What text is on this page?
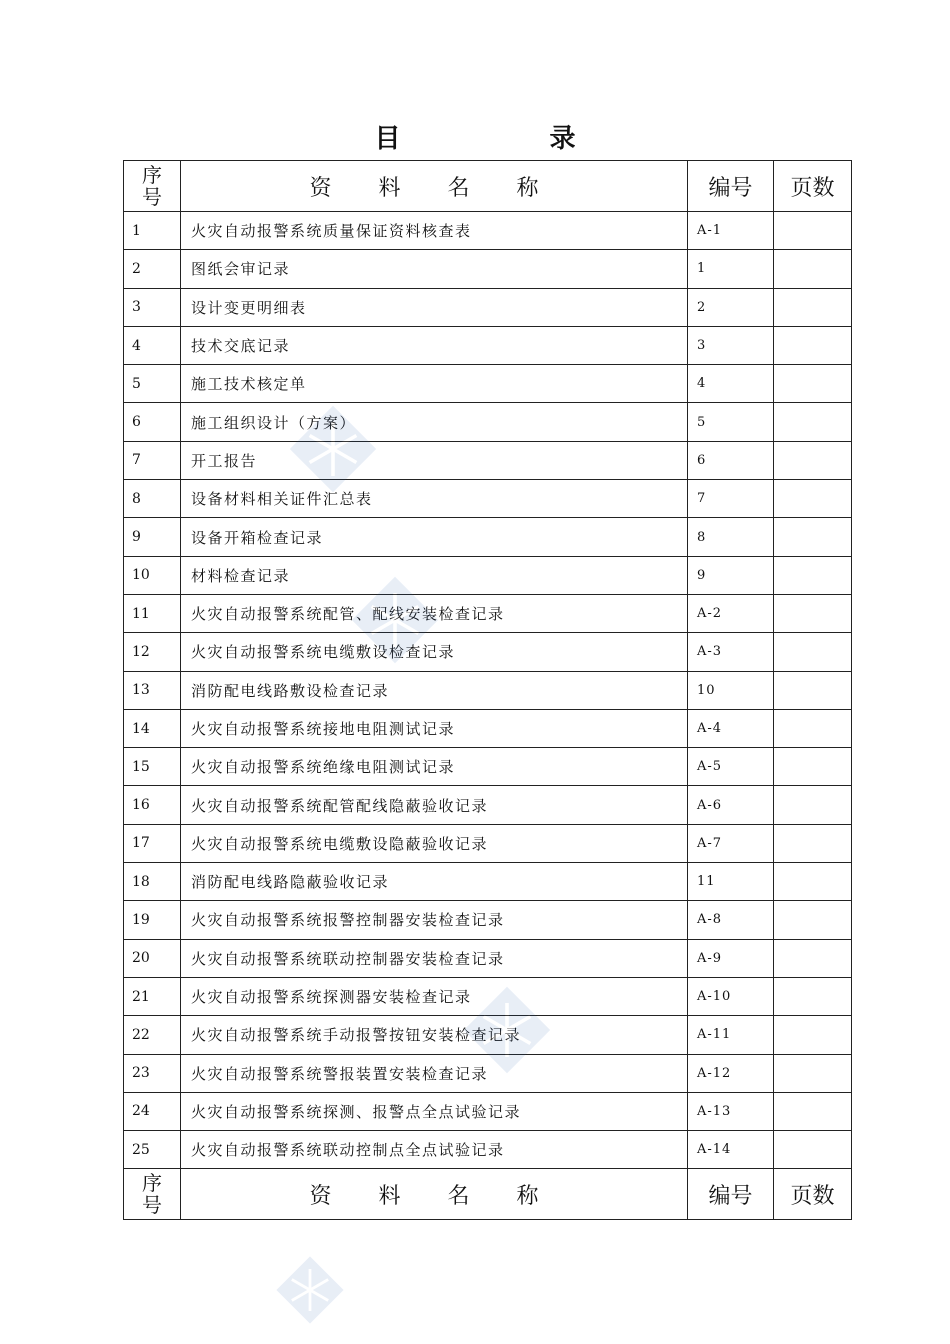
目 录
序
号	资 料 名 称	编号	页数
1	火灾自动报警系统质量保证资料核查表	A-1	
2	图纸会审记录	1	
3	设计变更明细表	2	
4	技术交底记录	3	
5	施工技术核定单	4	
6	施工组织设计（方案）	5	
7	开工报告	6	
8	设备材料相关证件汇总表	7	
9	设备开箱检查记录	8	
10	材料检查记录	9	
11	火灾自动报警系统配管、配线安装检查记录	A-2	
12	火灾自动报警系统电缆敷设检查记录	A-3	
13	消防配电线路敷设检查记录	10	
14	火灾自动报警系统接地电阻测试记录	A-4	
15	火灾自动报警系统绝缘电阻测试记录	A-5	
16	火灾自动报警系统配管配线隐蔽验收记录	A-6	
17	火灾自动报警系统电缆敷设隐蔽验收记录	A-7	
18	消防配电线路隐蔽验收记录	11	
19	火灾自动报警系统报警控制器安装检查记录	A-8	
20	火灾自动报警系统联动控制器安装检查记录	A-9	
21	火灾自动报警系统探测器安装检查记录	A-10	
22	火灾自动报警系统手动报警按钮安装检查记录	A-11	
23	火灾自动报警系统警报装置安装检查记录	A-12	
24	火灾自动报警系统探测、报警点全点试验记录	A-13	
25	火灾自动报警系统联动控制点全点试验记录	A-14	
序
号	资 料 名 称	编号	页数
